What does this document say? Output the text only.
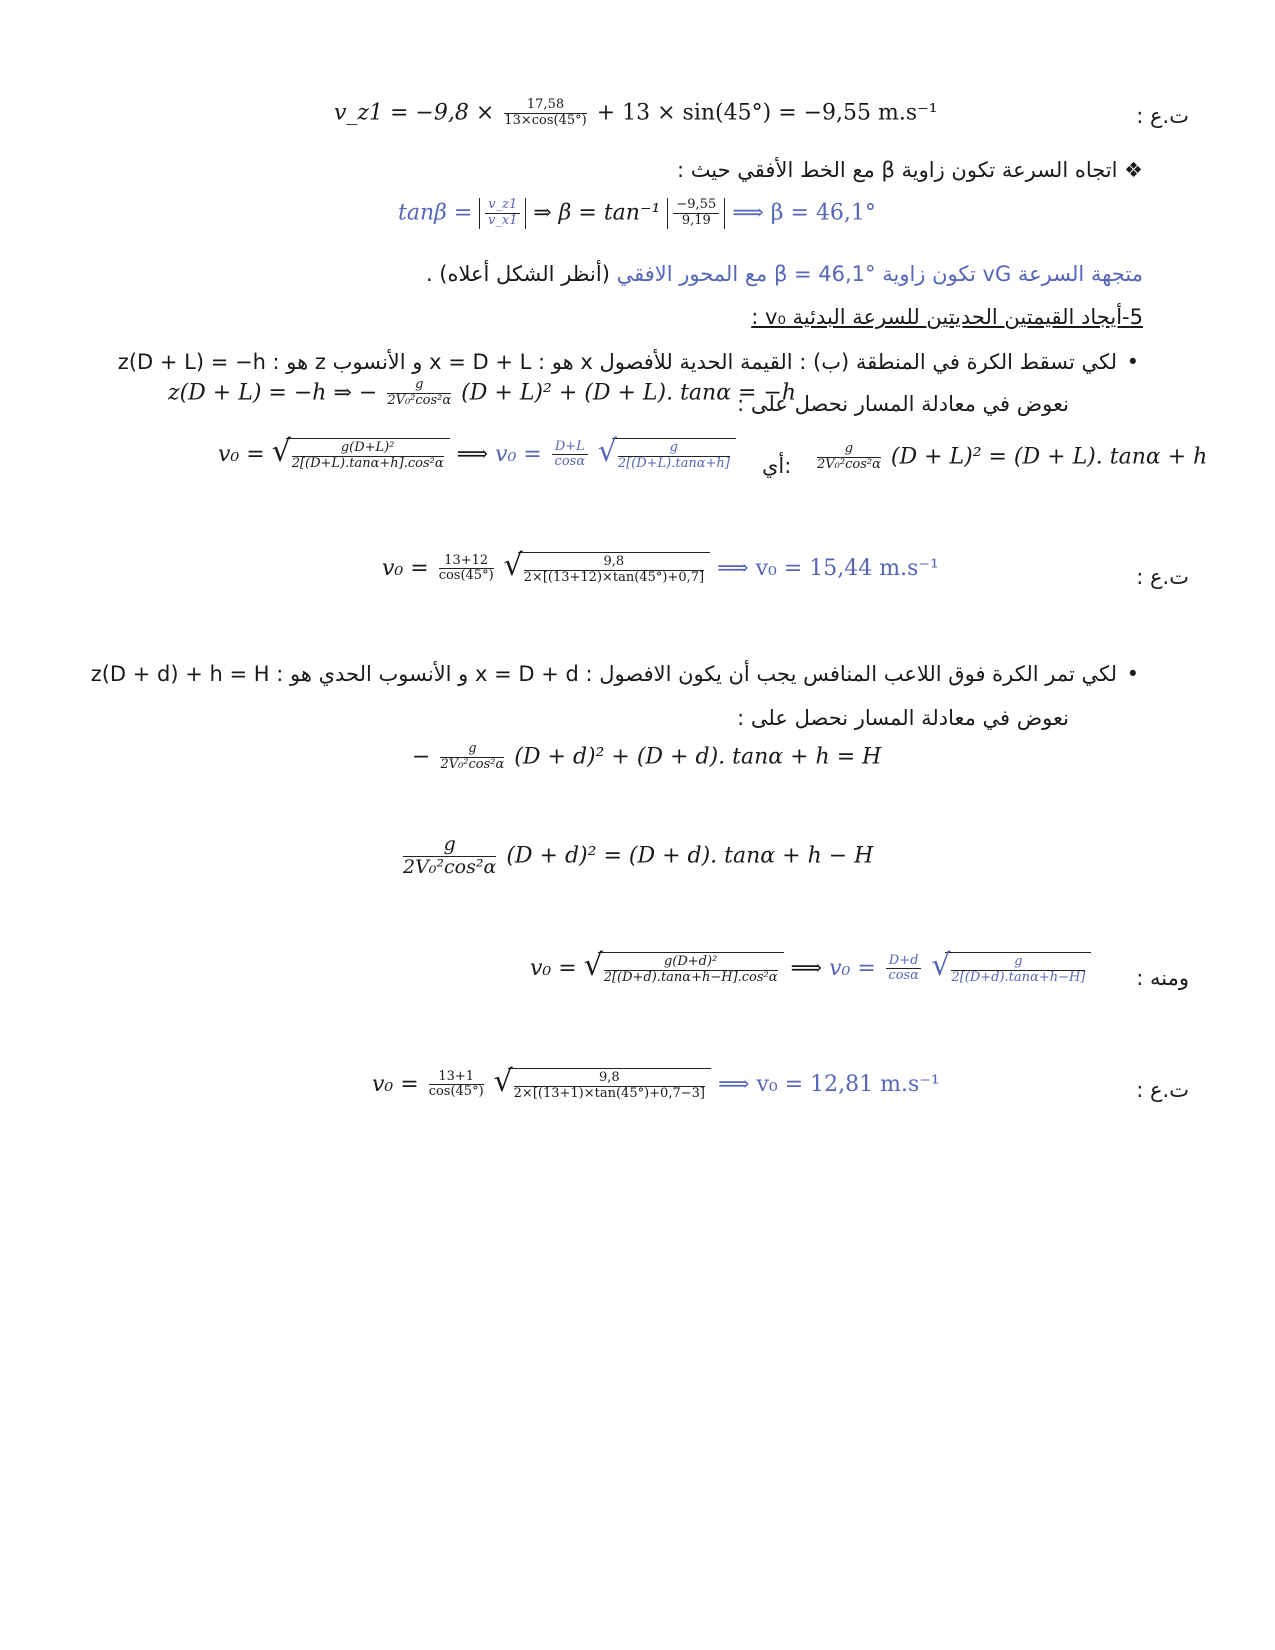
v_z1 = $-9,8 \times \frac{17,58}{13\times\cos(45^\circ)} + 13 \times \sin(45^\circ) = -9,55$ m.s⁻¹	ت.ع :
❖ اتجاه السرعة تكون زاوية β مع الخط الأفقي حيث :
$\tan\beta = \frac{v\_z1}{v\_x1}$ ⇒ $\beta = \tan^{-1} \frac{-9,55}{9,19}$ ⟹ β = 46,1°
متجهة السرعة vG تكون زاوية β = 46,1° مع المحور الافقي (أنظر الشكل أعلاه) .
5-أيجاد القيمتين الحديتين للسرعة البدئية v₀ :
لكي تسقط الكرة في المنطقة (ب) : القيمة الحدية للأفصول x هو : x = D + L و الأنسوب z هو : z(D + L) = −h •
نعوض في معادلة المسار نحصل على :
z(D + L) = −h ⇒ − $\frac{g}{\text{2V₀²cos²α}} (D + L)^2 + (D + L)$. tanα = −h
v₀ = √ $\frac{\text{g(D+L)²}}{\text{2[(D+L).tanα+h].cos²α}}$ ⟹ $v_0 = \frac{D+L}{\cos\alpha}$
√ $\frac{g}{2[(D+L).\tan\alpha+h]}$ :أي $\frac{g}{\text{2V₀²cos²α}} (D + L)^2 = (D + L)$. tanα + h
$v_0 = \frac{13+12}{\cos(45^\circ)}$
√ $\frac{9,8}{2\times[(13+12)\times\tan(45^\circ)+0,7]}$ ⟹ v₀ = 15,44 m.s⁻¹	ت.ع :
لكي تمر الكرة فوق اللاعب المنافس يجب أن يكون الافصول : x = D + d و الأنسوب الحدي هو : z(D + d) + h = H •
نعوض في معادلة المسار نحصل على :
− $\frac{g}{\text{2V₀²cos²α}} (D + d)^2 + (D + d)$. tanα + h = H
$\frac{g}{\text{2V₀²cos²α}} (D + d)^2 = (D + d)$. tanα + h − H
v₀ = √ $\frac{\text{g(D+d)²}}{\text{2[(D+d).tanα+h−H].cos²α}}$ ⟹ $v_0 = \frac{D+d}{\cos\alpha}$
√ $\frac{g}{2[(D+d).\tan\alpha+h-H]}$ ومنه :
$v_0 = \frac{13+1}{\cos(45^\circ)}$
√ $\frac{9,8}{2\times[(13+1)\times\tan(45^\circ)+0,7-3]}$ ⟹ v₀ = 12,81 m.s⁻¹	ت.ع :
